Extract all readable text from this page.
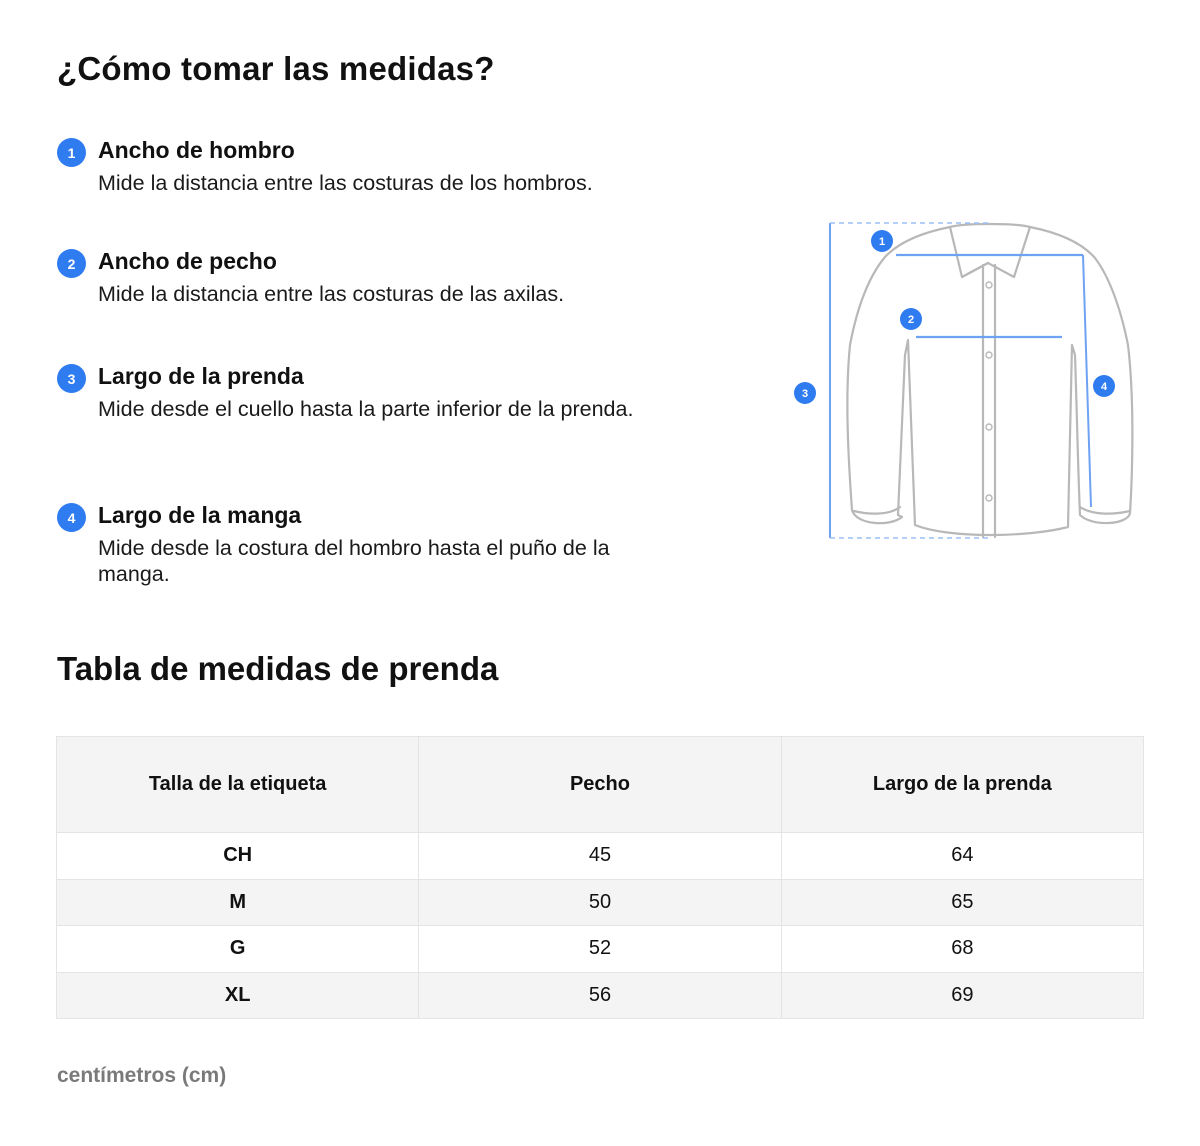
¿Cómo tomar las medidas?
1 Ancho de hombro

Mide la distancia entre las costuras de los hombros.

2 Ancho de pecho

Mide la distancia entre las costuras de las axilas.

3 Largo de la prenda

Mide desde el cuello hasta la parte inferior de la prenda.

4 Largo de la manga

Mide desde la costura del hombro hasta el puño de la manga.

1
2
3
4
Tabla de medidas de prenda
Talla de la etiqueta	Pecho	Largo de la prenda
CH	45	64
M	50	65
G	52	68
XL	56	69

centímetros (cm)
